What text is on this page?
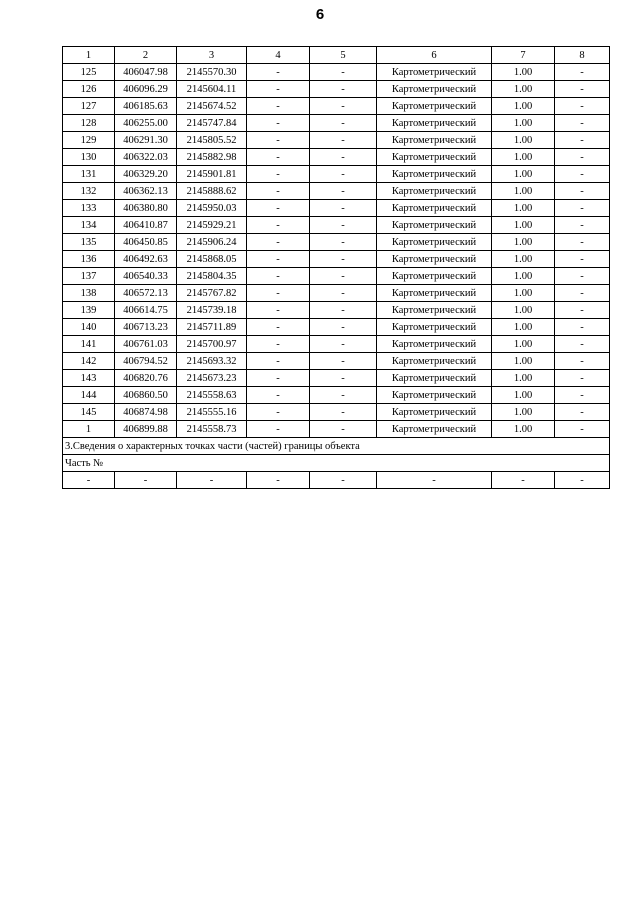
6
1	2	3	4	5	6	7	8
125	406047.98	2145570.30	-	-	Картометрический	1.00	-
126	406096.29	2145604.11	-	-	Картометрический	1.00	-
127	406185.63	2145674.52	-	-	Картометрический	1.00	-
128	406255.00	2145747.84	-	-	Картометрический	1.00	-
129	406291.30	2145805.52	-	-	Картометрический	1.00	-
130	406322.03	2145882.98	-	-	Картометрический	1.00	-
131	406329.20	2145901.81	-	-	Картометрический	1.00	-
132	406362.13	2145888.62	-	-	Картометрический	1.00	-
133	406380.80	2145950.03	-	-	Картометрический	1.00	-
134	406410.87	2145929.21	-	-	Картометрический	1.00	-
135	406450.85	2145906.24	-	-	Картометрический	1.00	-
136	406492.63	2145868.05	-	-	Картометрический	1.00	-
137	406540.33	2145804.35	-	-	Картометрический	1.00	-
138	406572.13	2145767.82	-	-	Картометрический	1.00	-
139	406614.75	2145739.18	-	-	Картометрический	1.00	-
140	406713.23	2145711.89	-	-	Картометрический	1.00	-
141	406761.03	2145700.97	-	-	Картометрический	1.00	-
142	406794.52	2145693.32	-	-	Картометрический	1.00	-
143	406820.76	2145673.23	-	-	Картометрический	1.00	-
144	406860.50	2145558.63	-	-	Картометрический	1.00	-
145	406874.98	2145555.16	-	-	Картометрический	1.00	-
1	406899.88	2145558.73	-	-	Картометрический	1.00	-
3.Сведения о характерных точках части (частей) границы объекта							
Часть №							
-	-	-	-	-	-	-	-
